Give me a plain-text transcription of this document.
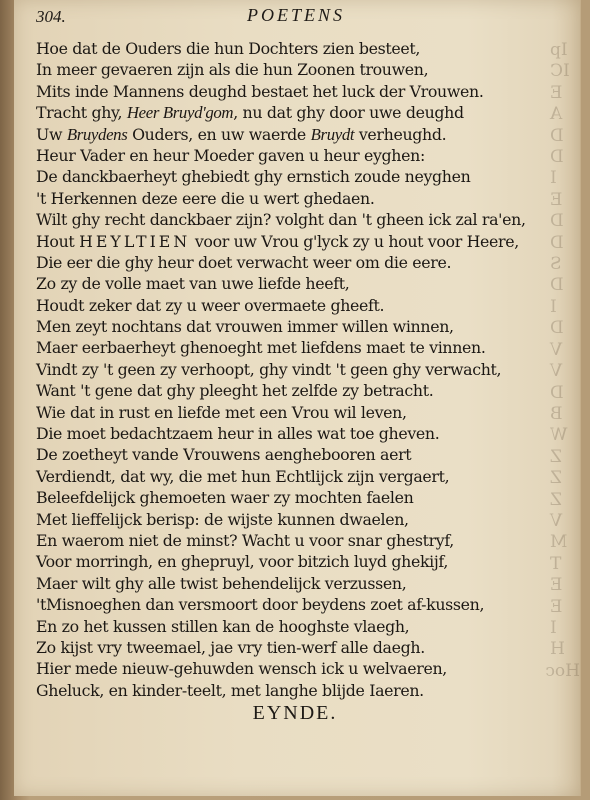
Ip
IC
E
A
D
D
I
E
D
D
S
D
I
D
V
V
D
B
W
Z
Z
Z
V
M
T
E
E
I
H
Hoc
304.	POETENS
Hoe dat de Ouders die hun Dochters zien besteet,
In meer gevaeren zijn als die hun Zoonen trouwen,
Mits inde Mannens deughd bestaet het luck der Vrouwen.
Tracht ghy, Heer Bruyd'gom, nu dat ghy door uwe deughd
Uw Bruydens Ouders, en uw waerde Bruydt verheughd.
Heur Vader en heur Moeder gaven u heur eyghen:
De danckbaerheyt ghebiedt ghy ernstich zoude neyghen
't Herkennen deze eere die u wert ghedaen.
Wilt ghy recht danckbaer zijn? volght dan 't gheen ick zal ra'en,
Hout HEYLTIEN voor uw Vrou g'lyck zy u hout voor Heere,
Die eer die ghy heur doet verwacht weer om die eere.
Zo zy de volle maet van uwe liefde heeft,
Houdt zeker dat zy u weer overmaete gheeft.
Men zeyt nochtans dat vrouwen immer willen winnen,
Maer eerbaerheyt ghenoeght met liefdens maet te vinnen.
Vindt zy 't geen zy verhoopt, ghy vindt 't geen ghy verwacht,
Want 't gene dat ghy pleeght het zelfde zy betracht.
Wie dat in rust en liefde met een Vrou wil leven,
Die moet bedachtzaem heur in alles wat toe gheven.
De zoetheyt vande Vrouwens aenghebooren aert
Verdiendt, dat wy, die met hun Echtlijck zijn vergaert,
Beleefdelijck ghemoeten waer zy mochten faelen
Met lieffelijck berisp: de wijste kunnen dwaelen,
En waerom niet de minst? Wacht u voor snar ghestryf,
Voor morringh, en ghepruyl, voor bitzich luyd ghekijf,
Maer wilt ghy alle twist behendelijck verzussen,
'tMisnoeghen dan versmoort door beydens zoet af-kussen,
En zo het kussen stillen kan de hooghste vlaegh,
Zo kijst vry tweemael, jae vry tien-werf alle daegh.
Hier mede nieuw-gehuwden wensch ick u welvaeren,
Gheluck, en kinder-teelt, met langhe blijde Iaeren.
EYNDE.
